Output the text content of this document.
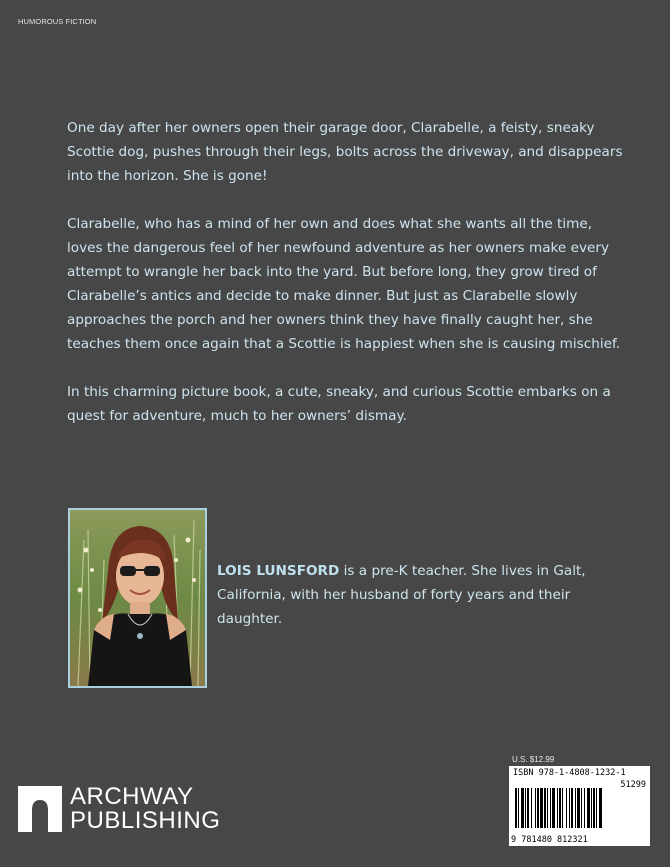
HUMOROUS FICTION

One day after her owners open their garage door, Clarabelle, a feisty, sneaky Scottie dog, pushes through their legs, bolts across the driveway, and disappears into the horizon. She is gone!

Clarabelle, who has a mind of her own and does what she wants all the time, loves the dangerous feel of her newfound adventure as her owners make every attempt to wrangle her back into the yard. But before long, they grow tired of Clarabelle’s antics and decide to make dinner. But just as Clarabelle slowly approaches the porch and her owners think they have finally caught her, she teaches them once again that a Scottie is happiest when she is causing mischief.

In this charming picture book, a cute, sneaky, and curious Scottie embarks on a quest for adventure, much to her owners’ dismay.

LOIS LUNSFORD is a pre-K teacher. She lives in Galt, California, with her husband of forty years and their daughter.
ARCHWAY
PUBLISHING
U.S. $12.99
ISBN 978-1-4808-1232-1
51299
9 781480 812321
